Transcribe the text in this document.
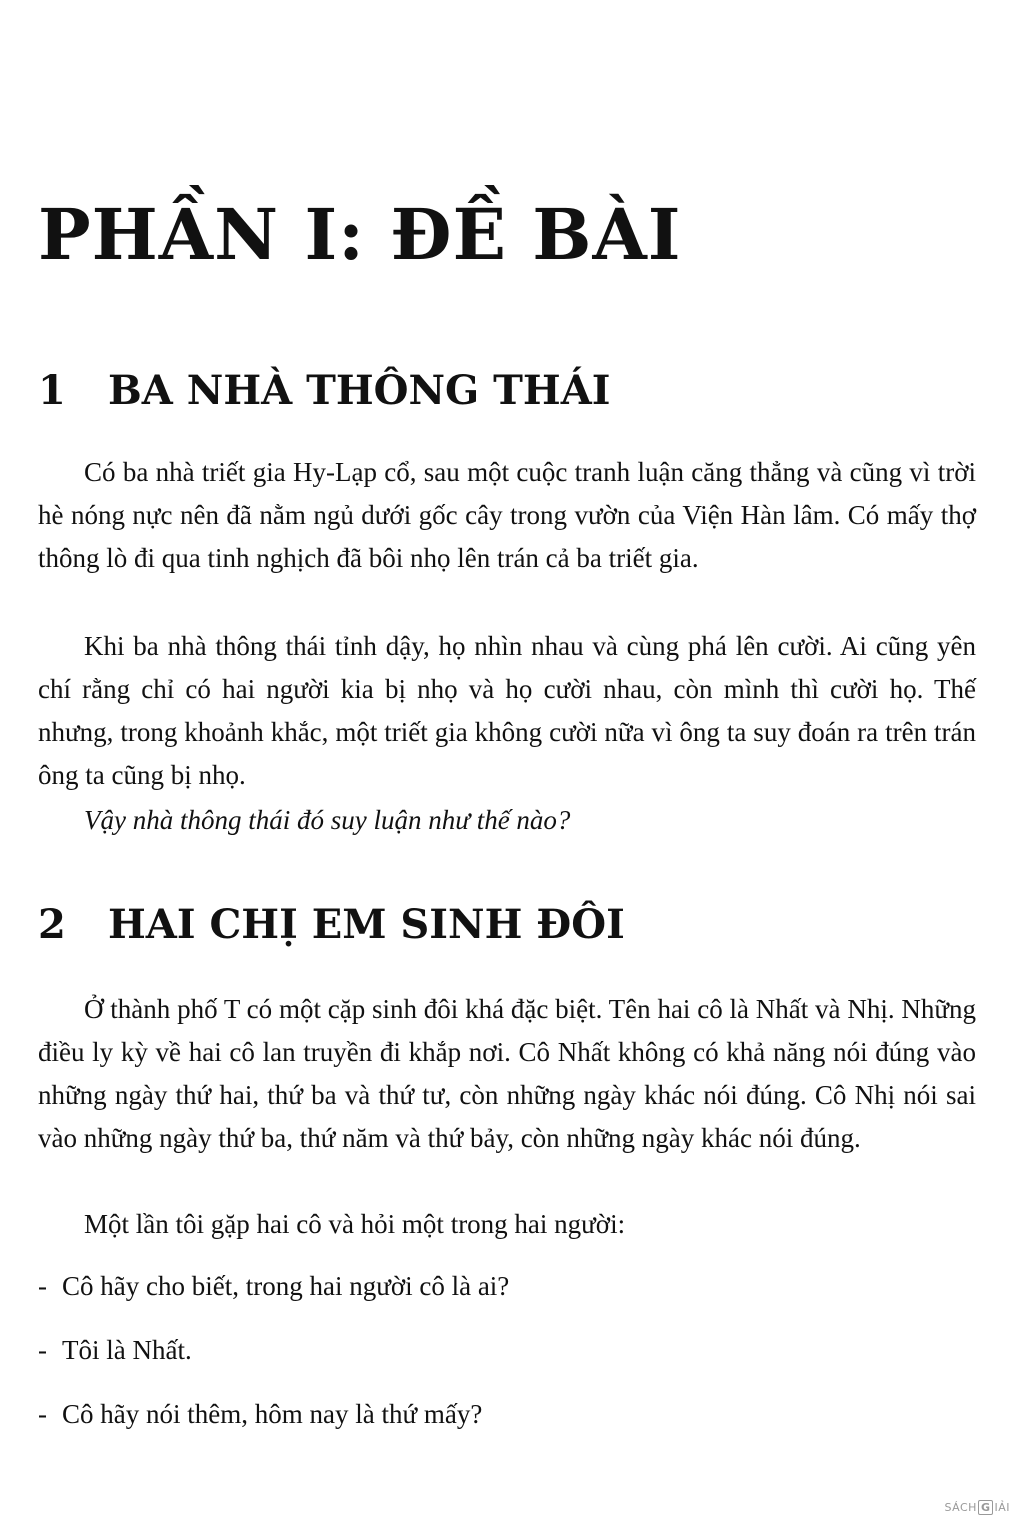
PHẦN I: ĐỀ BÀI
1 BA NHÀ THÔNG THÁI

Có ba nhà triết gia Hy-Lạp cổ, sau một cuộc tranh luận căng thẳng và cũng vì trời hè nóng nực nên đã nằm ngủ dưới gốc cây trong vườn của Viện Hàn lâm. Có mấy thợ thông lò đi qua tinh nghịch đã bôi nhọ lên trán cả ba triết gia.

Khi ba nhà thông thái tỉnh dậy, họ nhìn nhau và cùng phá lên cười. Ai cũng yên chí rằng chỉ có hai người kia bị nhọ và họ cười nhau, còn mình thì cười họ. Thế nhưng, trong khoảnh khắc, một triết gia không cười nữa vì ông ta suy đoán ra trên trán ông ta cũng bị nhọ.

Vậy nhà thông thái đó suy luận như thế nào?

2 HAI CHỊ EM SINH ĐÔI

Ở thành phố T có một cặp sinh đôi khá đặc biệt. Tên hai cô là Nhất và Nhị. Những điều ly kỳ về hai cô lan truyền đi khắp nơi. Cô Nhất không có khả năng nói đúng vào những ngày thứ hai, thứ ba và thứ tư, còn những ngày khác nói đúng. Cô Nhị nói sai vào những ngày thứ ba, thứ năm và thứ bảy, còn những ngày khác nói đúng.

Một lần tôi gặp hai cô và hỏi một trong hai người:

- Cô hãy cho biết, trong hai người cô là ai?

- Tôi là Nhất.

- Cô hãy nói thêm, hôm nay là thứ mấy?

SÁCH G IẢI
